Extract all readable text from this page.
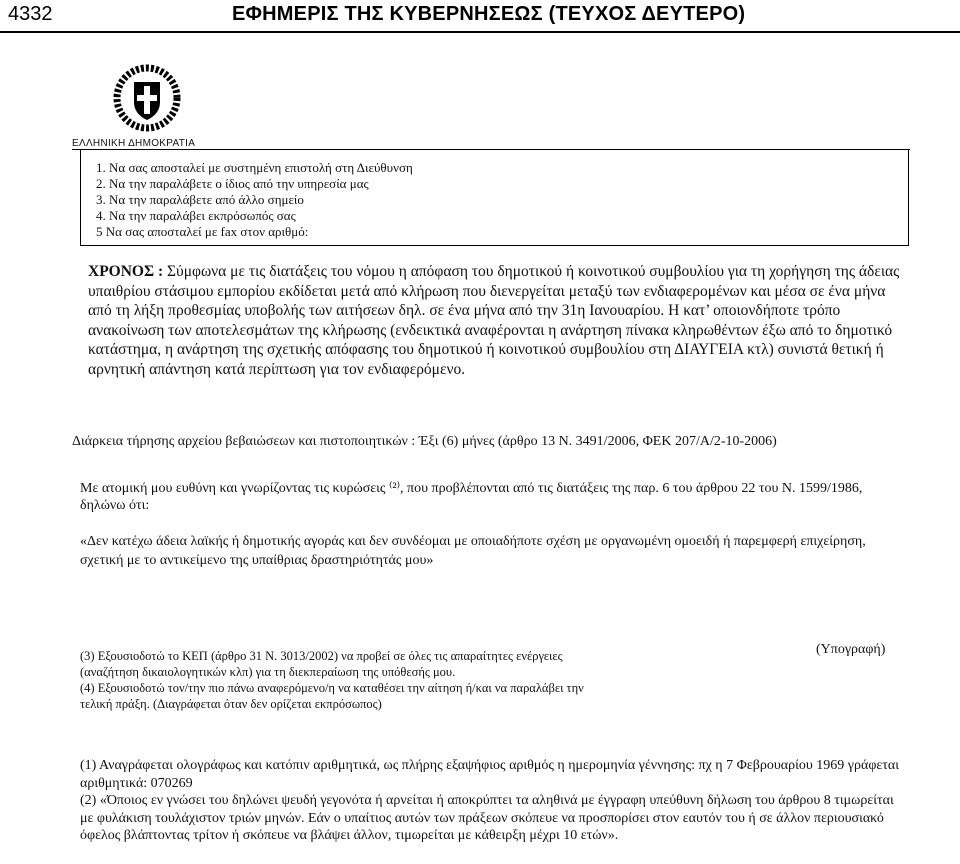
4332	ΕΦΗΜΕΡΙΣ ΤΗΣ ΚΥΒΕΡΝΗΣΕΩΣ (ΤΕΥΧΟΣ ΔΕΥΤΕΡΟ)
ΕΛΛΗΝΙΚΗ ΔΗΜΟΚΡΑΤΙΑ
1. Να σας αποσταλεί με συστημένη επιστολή στη Διεύθυνση
2. Να την παραλάβετε ο ίδιος από την υπηρεσία μας
3. Να την παραλάβετε από άλλο σημείο
4. Να την παραλάβει εκπρόσωπός σας
5 Να σας αποσταλεί με fax στον αριθμό:
ΧΡΟΝΟΣ : Σύμφωνα με τις διατάξεις του νόμου η απόφαση του δημοτικού ή κοινοτικού συμβουλίου για τη χορήγηση της άδειας υπαιθρίου στάσιμου εμπορίου εκδίδεται μετά από κλήρωση που διενεργείται μεταξύ των ενδιαφερομένων και μέσα σε ένα μήνα από τη λήξη προθεσμίας υποβολής των αιτήσεων δηλ. σε ένα μήνα από την 31η Ιανουαρίου. Η κατ’ οποιονδήποτε τρόπο ανακοίνωση των αποτελεσμάτων της κλήρωσης (ενδεικτικά αναφέρονται η ανάρτηση πίνακα κληρωθέντων έξω από το δημοτικό κατάστημα, η ανάρτηση της σχετικής απόφασης του δημοτικού ή κοινοτικού συμβουλίου στη ΔΙΑΥΓΕΙΑ κτλ) συνιστά θετική ή αρνητική απάντηση κατά περίπτωση για τον ενδιαφερόμενο.
Διάρκεια τήρησης αρχείου βεβαιώσεων και πιστοποιητικών : Έξι (6) μήνες (άρθρο 13 Ν. 3491/2006, ΦΕΚ 207/Α/2-10-2006)
Με ατομική μου ευθύνη και γνωρίζοντας τις κυρώσεις ⁽²⁾, που προβλέπονται από τις διατάξεις της παρ. 6 του άρθρου 22 του Ν. 1599/1986, δηλώνω ότι:
«Δεν κατέχω άδεια λαϊκής ή δημοτικής αγοράς και δεν συνδέομαι με οποιαδήποτε σχέση με οργανωμένη ομοειδή ή παρεμφερή επιχείρηση, σχετική με το αντικείμενο της υπαίθριας δραστηριότητάς μου»
(3) Εξουσιοδοτώ το ΚΕΠ (άρθρο 31 Ν. 3013/2002) να προβεί σε όλες τις απαραίτητες ενέργειες (αναζήτηση δικαιολογητικών κλπ) για τη διεκπεραίωση της υπόθεσής μου.
(4) Εξουσιοδοτώ τον/την πιο πάνω αναφερόμενο/η να καταθέσει την αίτηση ή/και να παραλάβει την τελική πράξη. (Διαγράφεται όταν δεν ορίζεται εκπρόσωπος)
(Υπογραφή)
(1) Αναγράφεται ολογράφως και κατόπιν αριθμητικά, ως πλήρης εξαψήφιος αριθμός η ημερομηνία γέννησης: πχ η 7 Φεβρουαρίου 1969 γράφεται αριθμητικά: 070269
(2) «Όποιος εν γνώσει του δηλώνει ψευδή γεγονότα ή αρνείται ή αποκρύπτει τα αληθινά με έγγραφη υπεύθυνη δήλωση του άρθρου 8 τιμωρείται με φυλάκιση τουλάχιστον τριών μηνών. Εάν ο υπαίτιος αυτών των πράξεων σκόπευε να προσπορίσει στον εαυτόν του ή σε άλλον περιουσιακό όφελος βλάπτοντας τρίτον ή σκόπευε να βλάψει άλλον, τιμωρείται με κάθειρξη μέχρι 10 ετών».
